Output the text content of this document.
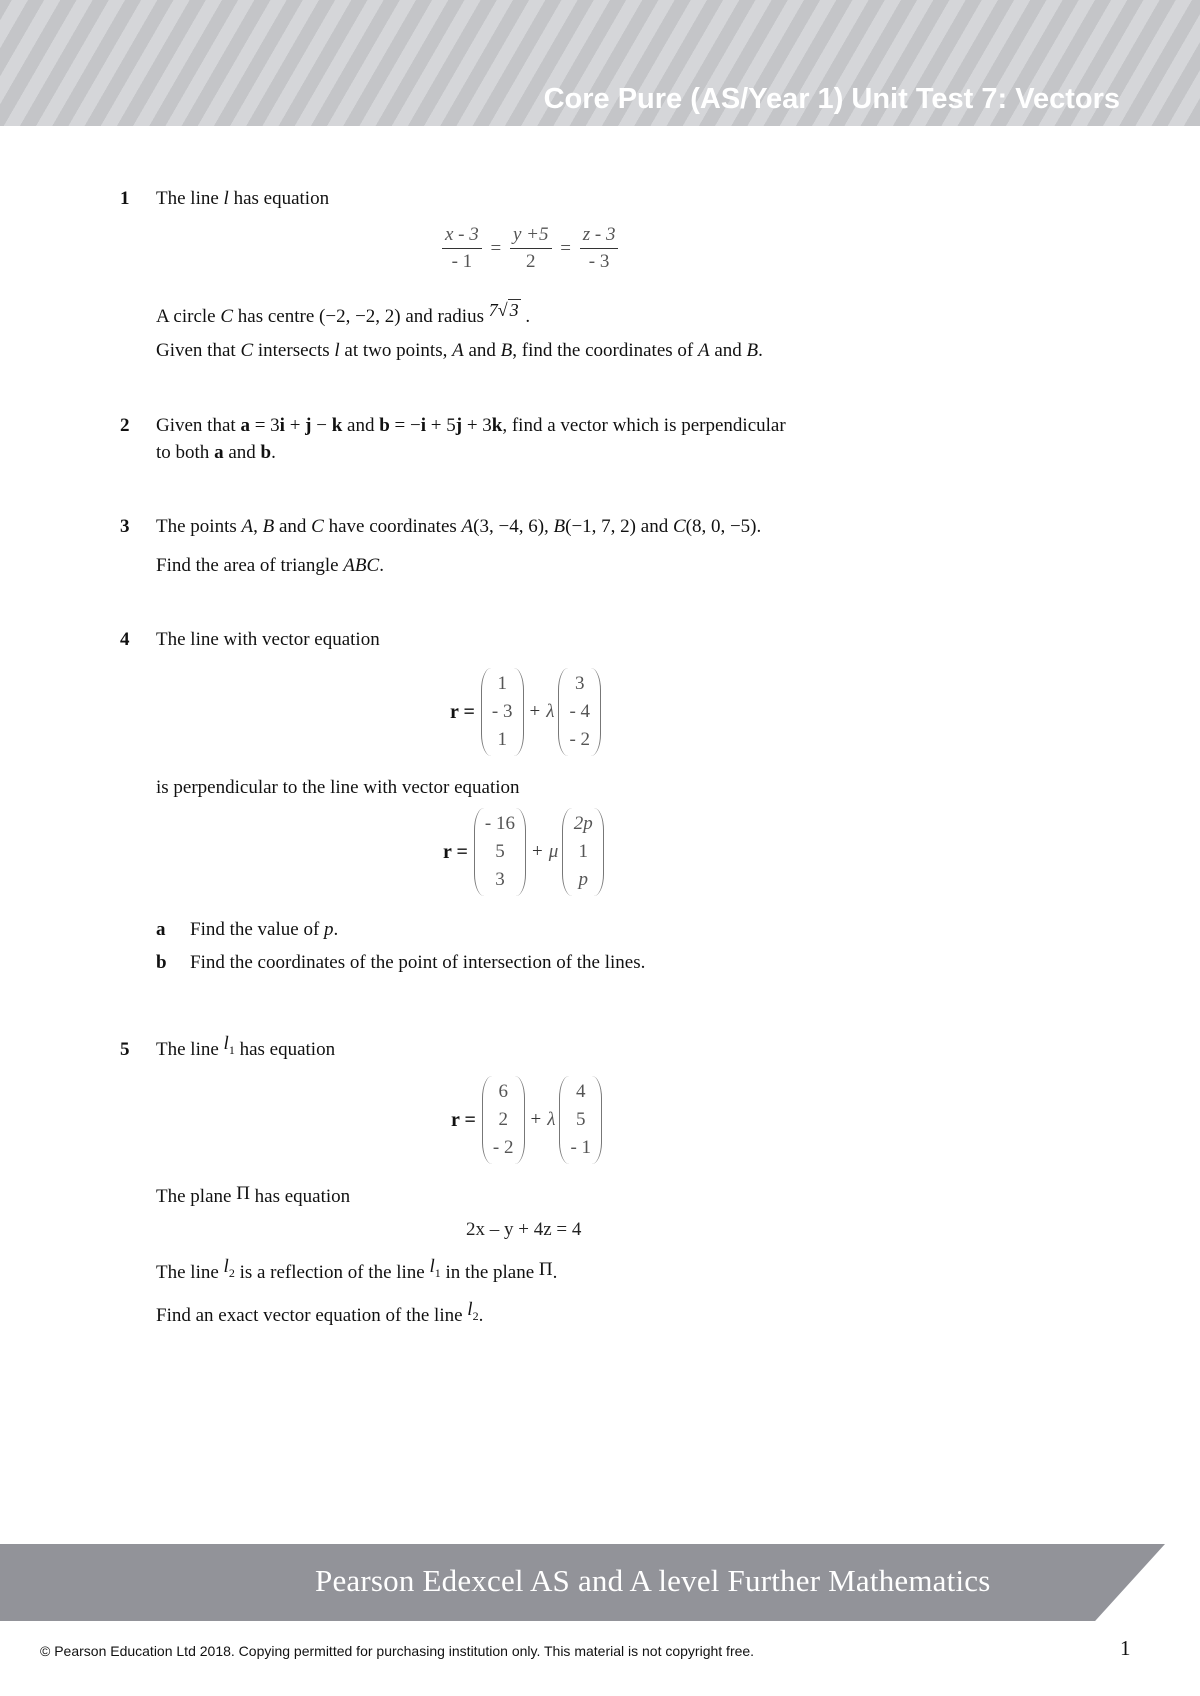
Core Pure (AS/Year 1) Unit Test 7: Vectors
1 The line l has equation
$\frac{x - 3}{- 1} = \frac{y +5}{2} = \frac{z - 3}{- 3}$
A circle C has centre (−2, −2, 2) and radius 7√ 3 .
Given that C intersects l at two points, A and B, find the coordinates of A and B.
2 Given that a = 3i + j − k and b = −i + 5j + 3k, find a vector which is perpendicular
to both a and b.
3 The points A, B and C have coordinates A(3, −4, 6), B(−1, 7, 2) and C(8, 0, −5).
Find the area of triangle ABC.
4 The line with vector equation
r =
1
- 3
1
+ λ
3
- 4
- 2
is perpendicular to the line with vector equation
r =
- 16
5
3
+ μ
2p
1
p
a Find the value of p.
b Find the coordinates of the point of intersection of the lines.
5 The line $l_1$ has equation
r =
6
2
- 2
+ λ
4
5
- 1
The plane Π has equation
2x – y + 4z = 4
The line $l_2$ is a reflection of the line $l_1$ in the plane Π.
Find an exact vector equation of the line $l_2$.
Pearson Edexcel AS and A level Further Mathematics
© Pearson Education Ltd 2018. Copying permitted for purchasing institution only. This material is not copyright free.	1
